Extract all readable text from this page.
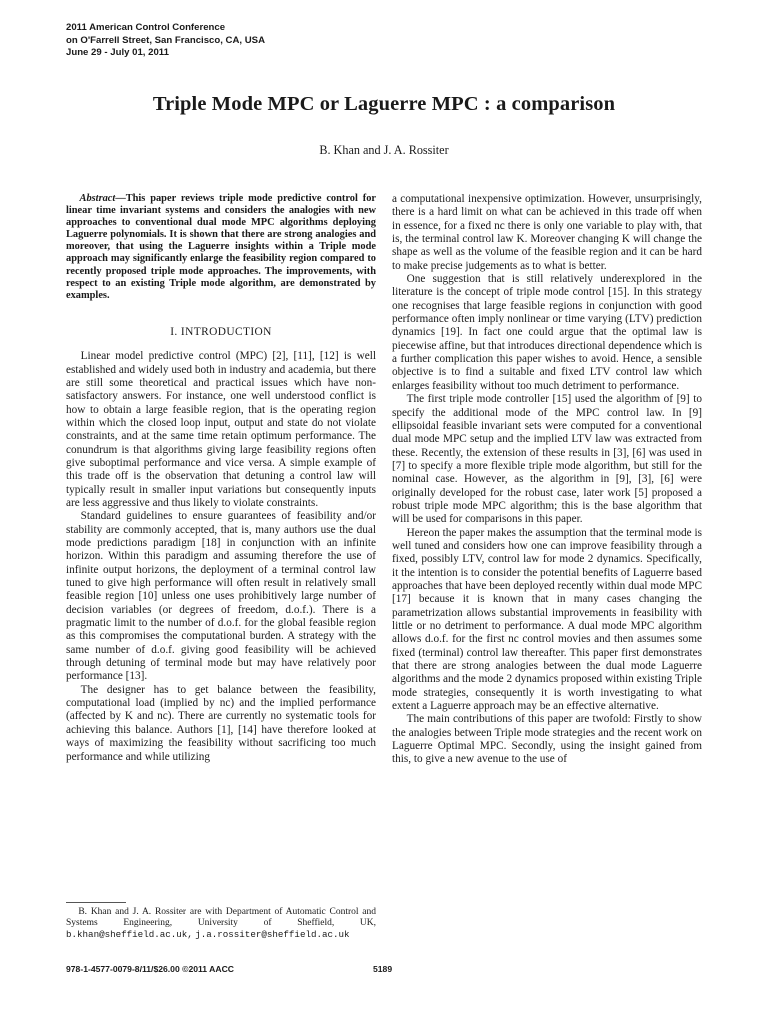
2011 American Control Conference
on O'Farrell Street, San Francisco, CA, USA
June 29 - July 01, 2011
Triple Mode MPC or Laguerre MPC : a comparison
B. Khan and J. A. Rossiter

Abstract—This paper reviews triple mode predictive control for linear time invariant systems and considers the analogies with new approaches to conventional dual mode MPC algorithms deploying Laguerre polynomials. It is shown that there are strong analogies and moreover, that using the Laguerre insights within a Triple mode approach may significantly enlarge the feasibility region compared to recently proposed triple mode approaches. The improvements, with respect to an existing Triple mode algorithm, are demonstrated by examples.

I. INTRODUCTION

Linear model predictive control (MPC) [2], [11], [12] is well established and widely used both in industry and academia, but there are still some theoretical and practical issues which have non-satisfactory answers. For instance, one well understood conflict is how to obtain a large feasible region, that is the operating region within which the closed loop input, output and state do not violate constraints, and at the same time retain optimum performance. The conundrum is that algorithms giving large feasibility regions often give suboptimal performance and vice versa. A simple example of this trade off is the observation that detuning a control law will typically result in smaller input variations but consequently inputs are less aggressive and thus likely to violate constraints.

Standard guidelines to ensure guarantees of feasibility and/or stability are commonly accepted, that is, many authors use the dual mode predictions paradigm [18] in conjunction with an infinite horizon. Within this paradigm and assuming therefore the use of infinite output horizons, the deployment of a terminal control law tuned to give high performance will often result in relatively small feasible region [10] unless one uses prohibitively large number of decision variables (or degrees of freedom, d.o.f.). There is a pragmatic limit to the number of d.o.f. for the global feasible region as this compromises the computational burden. A strategy with the same number of d.o.f. giving good feasibility will be achieved through detuning of terminal mode but may have relatively poor performance [13].

The designer has to get balance between the feasibility, computational load (implied by nc) and the implied performance (affected by K and nc). There are currently no systematic tools for achieving this balance. Authors [1], [14] have therefore looked at ways of maximizing the feasibility without sacrificing too much performance and while utilizing

a computational inexpensive optimization. However, unsurprisingly, there is a hard limit on what can be achieved in this trade off when in essence, for a fixed nc there is only one variable to play with, that is, the terminal control law K. Moreover changing K will change the shape as well as the volume of the feasible region and it can be hard to make precise judgements as to what is better.

One suggestion that is still relatively underexplored in the literature is the concept of triple mode control [15]. In this strategy one recognises that large feasible regions in conjunction with good performance often imply nonlinear or time varying (LTV) prediction dynamics [19]. In fact one could argue that the optimal law is piecewise affine, but that introduces directional dependence which is a further complication this paper wishes to avoid. Hence, a sensible objective is to find a suitable and fixed LTV control law which enlarges feasibility without too much detriment to performance.

The first triple mode controller [15] used the algorithm of [9] to specify the additional mode of the MPC control law. In [9] ellipsoidal feasible invariant sets were computed for a conventional dual mode MPC setup and the implied LTV law was extracted from these. Recently, the extension of these results in [3], [6] was used in [7] to specify a more flexible triple mode algorithm, but still for the nominal case. However, as the algorithm in [9], [3], [6] were originally developed for the robust case, later work [5] proposed a robust triple mode MPC algorithm; this is the base algorithm that will be used for comparisons in this paper.

Hereon the paper makes the assumption that the terminal mode is well tuned and considers how one can improve feasibility through a fixed, possibly LTV, control law for mode 2 dynamics. Specifically, it the intention is to consider the potential benefits of Laguerre based approaches that have been deployed recently within dual mode MPC [17] because it is known that in many cases changing the parametrization allows substantial improvements in feasibility with little or no detriment to performance. A dual mode MPC algorithm allows d.o.f. for the first nc control movies and then assumes some fixed (terminal) control law thereafter. This paper first demonstrates that there are strong analogies between the dual mode Laguerre algorithms and the mode 2 dynamics proposed within existing Triple mode strategies, consequently it is worth investigating to what extent a Laguerre approach may be an effective alternative.

The main contributions of this paper are twofold: Firstly to show the analogies between Triple mode strategies and the recent work on Laguerre Optimal MPC. Secondly, using the insight gained from this, to give a new avenue to the use of

B. Khan and J. A. Rossiter are with Department of Automatic Control and Systems Engineering, University of Sheffield, UK, b.khan@sheffield.ac.uk, j.a.rossiter@sheffield.ac.uk
978-1-4577-0079-8/11/$26.00 ©2011 AACC	5189
